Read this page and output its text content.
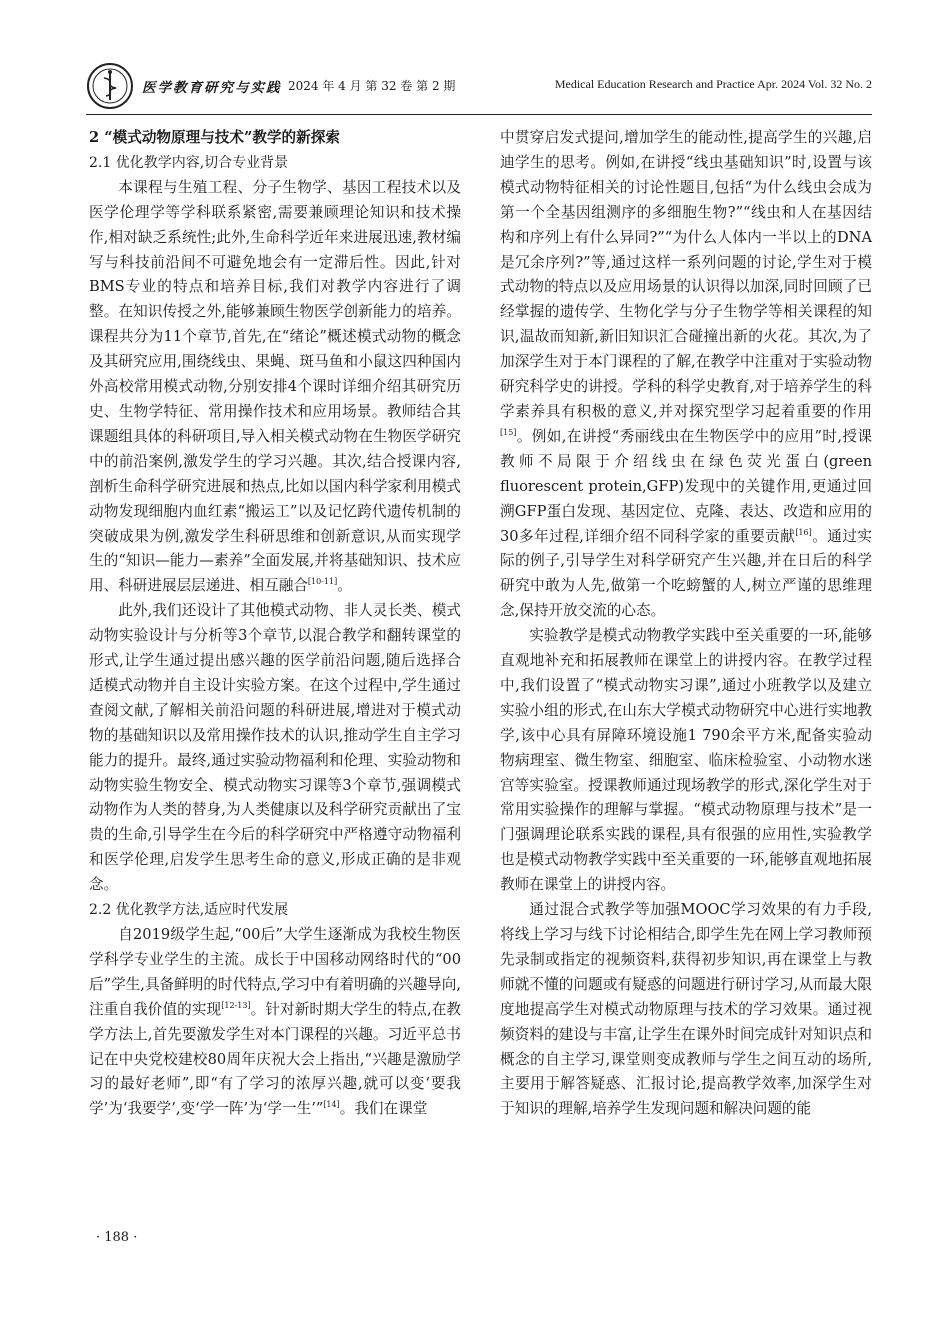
医学教育研究与实践 2024 年 4 月 第 32 卷 第 2 期	Medical Education Research and Practice Apr. 2024 Vol. 32 No. 2
2 “模式动物原理与技术”教学的新探索
2.1 优化教学内容,切合专业背景

本课程与生殖工程、分子生物学、基因工程技术以及医学伦理学等学科联系紧密,需要兼顾理论知识和技术操作,相对缺乏系统性;此外,生命科学近年来进展迅速,教材编写与科技前沿间不可避免地会有一定滞后性。因此,针对BMS专业的特点和培养目标,我们对教学内容进行了调整。在知识传授之外,能够兼顾生物医学创新能力的培养。课程共分为11个章节,首先,在“绪论”概述模式动物的概念及其研究应用,围绕线虫、果蝇、斑马鱼和小鼠这四种国内外高校常用模式动物,分别安排4个课时详细介绍其研究历史、生物学特征、常用操作技术和应用场景。教师结合其课题组具体的科研项目,导入相关模式动物在生物医学研究中的前沿案例,激发学生的学习兴趣。其次,结合授课内容,剖析生命科学研究进展和热点,比如以国内科学家利用模式动物发现细胞内血红素“搬运工”以及记忆跨代遗传机制的突破成果为例,激发学生科研思维和创新意识,从而实现学生的“知识—能力—素养”全面发展,并将基础知识、技术应用、科研进展层层递进、相互融合[10-11]。

此外,我们还设计了其他模式动物、非人灵长类、模式动物实验设计与分析等3个章节,以混合教学和翻转课堂的形式,让学生通过提出感兴趣的医学前沿问题,随后选择合适模式动物并自主设计实验方案。在这个过程中,学生通过查阅文献,了解相关前沿问题的科研进展,增进对于模式动物的基础知识以及常用操作技术的认识,推动学生自主学习能力的提升。最终,通过实验动物福利和伦理、实验动物和动物实验生物安全、模式动物实习课等3个章节,强调模式动物作为人类的替身,为人类健康以及科学研究贡献出了宝贵的生命,引导学生在今后的科学研究中严格遵守动物福利和医学伦理,启发学生思考生命的意义,形成正确的是非观念。

2.2 优化教学方法,适应时代发展

自2019级学生起,“00后”大学生逐渐成为我校生物医学科学专业学生的主流。成长于中国移动网络时代的“00后”学生,具备鲜明的时代特点,学习中有着明确的兴趣导向,注重自我价值的实现[12-13]。针对新时期大学生的特点,在教学方法上,首先要激发学生对本门课程的兴趣。习近平总书记在中央党校建校80周年庆祝大会上指出,“兴趣是激励学习的最好老师”,即“有了学习的浓厚兴趣,就可以变‘要我学’为‘我要学’,变‘学一阵’为‘学一生’”[14]。我们在课堂

中贯穿启发式提问,增加学生的能动性,提高学生的兴趣,启迪学生的思考。例如,在讲授“线虫基础知识”时,设置与该模式动物特征相关的讨论性题目,包括“为什么线虫会成为第一个全基因组测序的多细胞生物?”“线虫和人在基因结构和序列上有什么异同?”“为什么人体内一半以上的DNA是冗余序列?”等,通过这样一系列问题的讨论,学生对于模式动物的特点以及应用场景的认识得以加深,同时回顾了已经掌握的遗传学、生物化学与分子生物学等相关课程的知识,温故而知新,新旧知识汇合碰撞出新的火花。其次,为了加深学生对于本门课程的了解,在教学中注重对于实验动物研究科学史的讲授。学科的科学史教育,对于培养学生的科学素养具有积极的意义,并对探究型学习起着重要的作用[15]。例如,在讲授“秀丽线虫在生物医学中的应用”时,授课教师不局限于介绍线虫在绿色荧光蛋白(green fluorescent protein,GFP)发现中的关键作用,更通过回溯GFP蛋白发现、基因定位、克隆、表达、改造和应用的30多年过程,详细介绍不同科学家的重要贡献[16]。通过实际的例子,引导学生对科学研究产生兴趣,并在日后的科学研究中敢为人先,做第一个吃螃蟹的人,树立严谨的思维理念,保持开放交流的心态。

实验教学是模式动物教学实践中至关重要的一环,能够直观地补充和拓展教师在课堂上的讲授内容。在教学过程中,我们设置了“模式动物实习课”,通过小班教学以及建立实验小组的形式,在山东大学模式动物研究中心进行实地教学,该中心具有屏障环境设施1 790余平方米,配备实验动物病理室、微生物室、细胞室、临床检验室、小动物水迷宫等实验室。授课教师通过现场教学的形式,深化学生对于常用实验操作的理解与掌握。“模式动物原理与技术”是一门强调理论联系实践的课程,具有很强的应用性,实验教学也是模式动物教学实践中至关重要的一环,能够直观地拓展教师在课堂上的讲授内容。

通过混合式教学等加强MOOC学习效果的有力手段,将线上学习与线下讨论相结合,即学生先在网上学习教师预先录制或指定的视频资料,获得初步知识,再在课堂上与教师就不懂的问题或有疑惑的问题进行研讨学习,从而最大限度地提高学生对模式动物原理与技术的学习效果。通过视频资料的建设与丰富,让学生在课外时间完成针对知识点和概念的自主学习,课堂则变成教师与学生之间互动的场所,主要用于解答疑惑、汇报讨论,提高教学效率,加深学生对于知识的理解,培养学生发现问题和解决问题的能

· 188 ·
